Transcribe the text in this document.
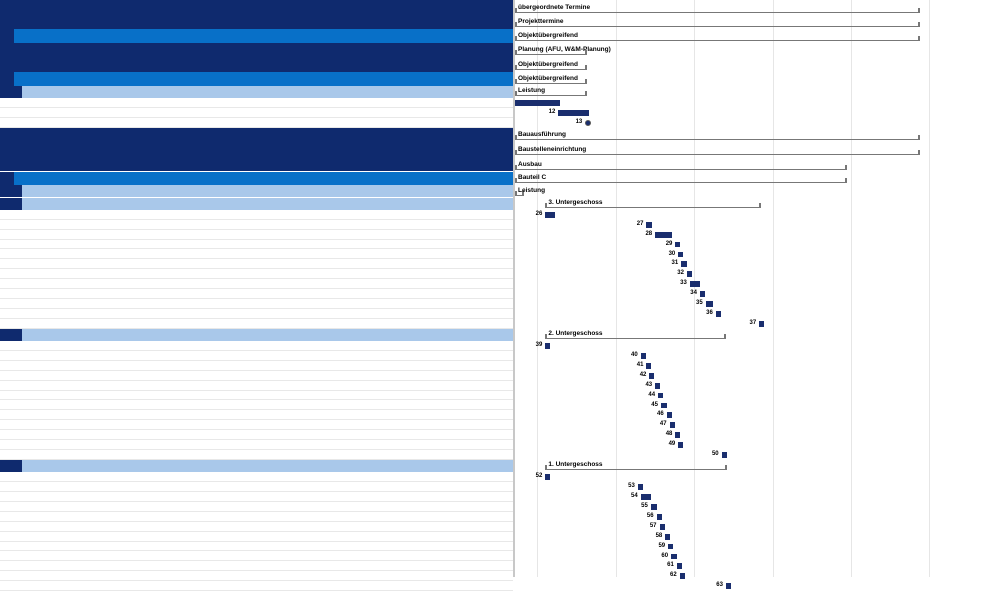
übergeordnete Termine
Projekttermine
Objektübergreifend
Planung (AFU, W&M-Planung)
Objektübergreifend
Objektübergreifend
Leistung
Bauausführung
Baustelleneinrichtung
Ausbau
Bauteil C
Leistung
3. Untergeschoss
2. Untergeschoss
1. Untergeschoss
12
26
27
28
29
30
31
32
33
34
35
36
37
39
40
41
42
43
44
45
46
47
48
49
50
52
53
54
55
56
57
58
59
60
61
62
63
13
